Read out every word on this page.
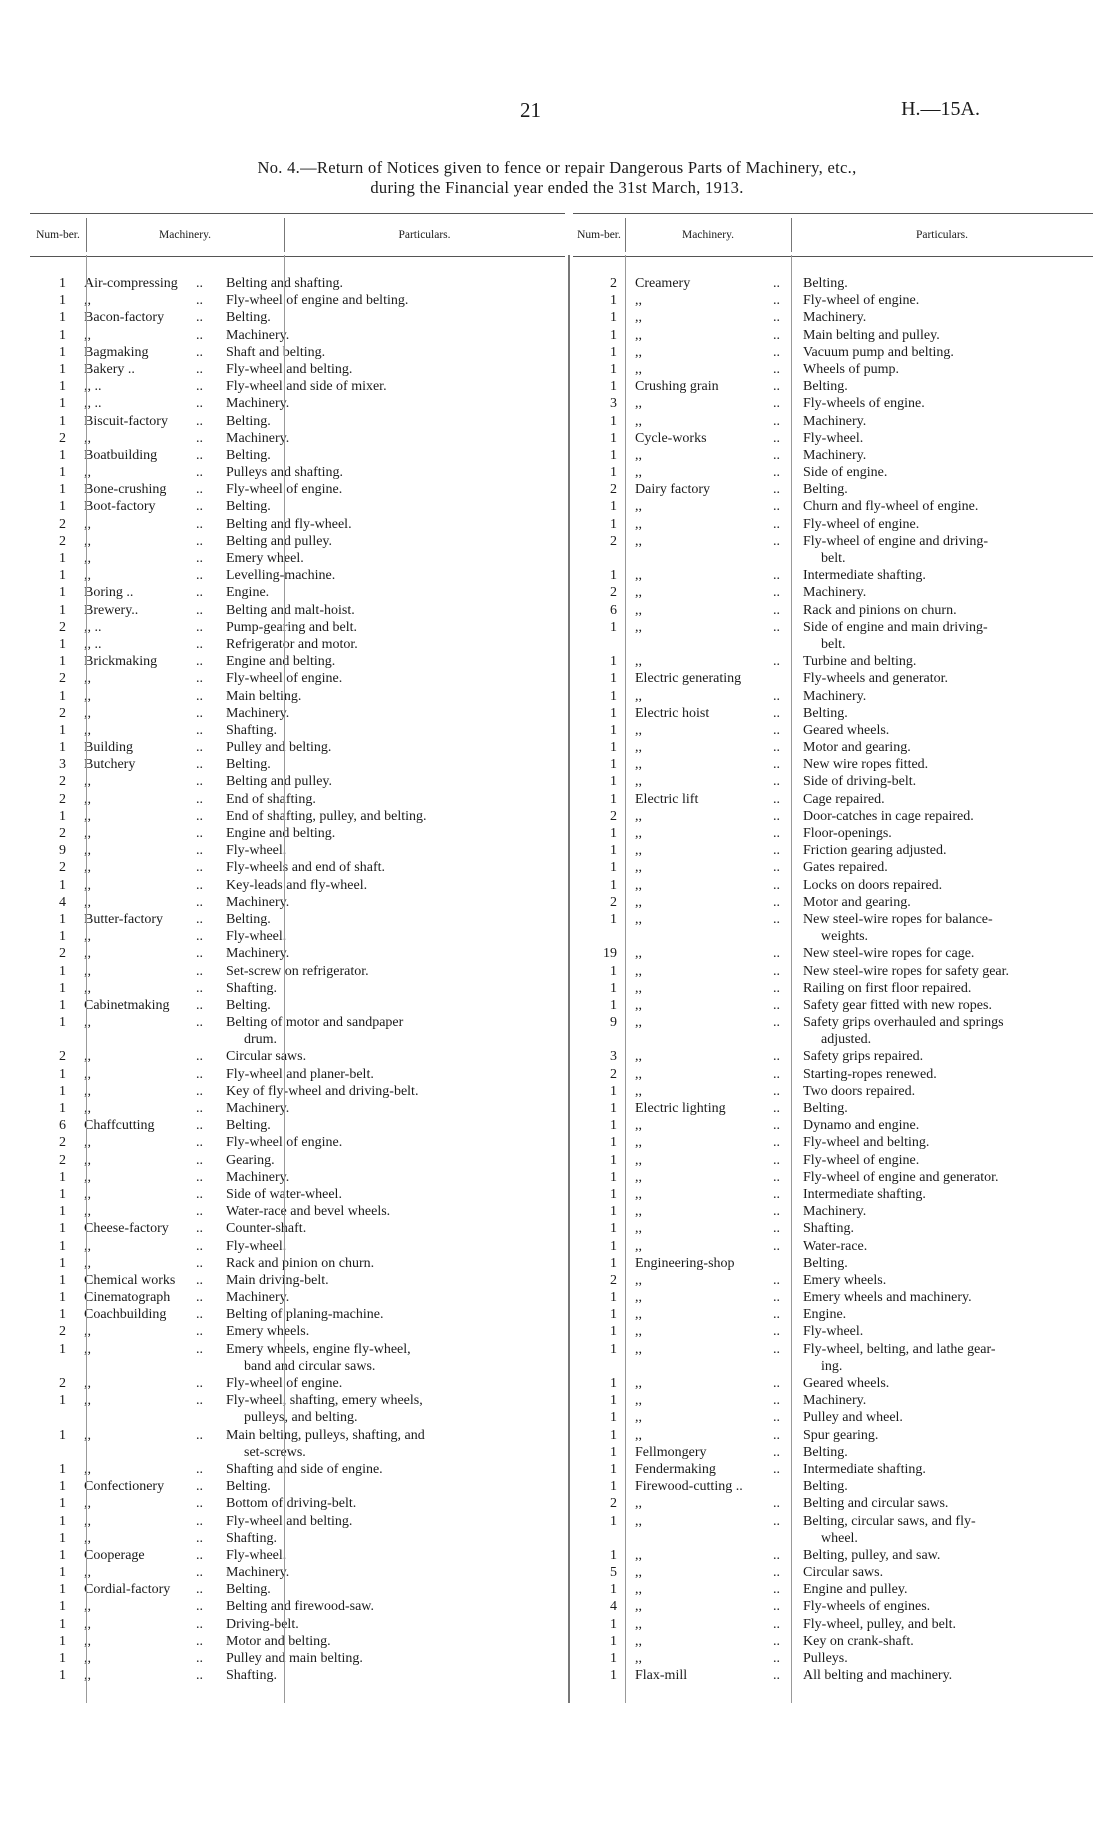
21	H.—15A.
No. 4.—Return of Notices given to fence or repair Dangerous Parts of Machinery, etc.,
during the Financial year ended the 31st March, 1913.
Num-ber.	Machinery.	Particulars.
1 Air-compressing .. Belting and shafting.
1 ,,	.. Fly-wheel of engine and belting.
1 Bacon-factory .. Belting.
1 ,,	.. Machinery.
1 Bagmaking	.. Shaft and belting.
1 Bakery ..	.. Fly-wheel and belting.
1 ,, ..	.. Fly-wheel and side of mixer.
1 ,, ..	.. Machinery.
1 Biscuit-factory .. Belting.
2 ,,	.. Machinery.
1 Boatbuilding	.. Belting.
1 ,,	.. Pulleys and shafting.
1 Bone-crushing .. Fly-wheel of engine.
1 Boot-factory	.. Belting.
2 ,,	.. Belting and fly-wheel.
2 ,,	.. Belting and pulley.
1 ,,	.. Emery wheel.
1 ,,	.. Levelling-machine.
1 Boring ..	.. Engine.
1 Brewery..	.. Belting and malt-hoist.
2 ,, ..	.. Pump-gearing and belt.
1 ,, ..	.. Refrigerator and motor.
1 Brickmaking	.. Engine and belting.
2 ,,	.. Fly-wheel of engine.
1 ,,	.. Main belting.
2 ,,	.. Machinery.
1 ,,	.. Shafting.
1 Building	.. Pulley and belting.
3 Butchery	.. Belting.
2 ,,	.. Belting and pulley.
2 ,,	.. End of shafting.
1 ,,	.. End of shafting, pulley, and belting.
2 ,,	.. Engine and belting.
9 ,,	.. Fly-wheel.
2 ,,	.. Fly-wheels and end of shaft.
1 ,,	.. Key-leads and fly-wheel.
4 ,,	.. Machinery.
1 Butter-factory .. Belting.
1 ,,	.. Fly-wheel.
2 ,,	.. Machinery.
1 ,,	.. Set-screw on refrigerator.
1 ,,	.. Shafting.
1 Cabinetmaking .. Belting.
1 ,,	.. Belting of motor and sandpaper
drum.
2 ,,	.. Circular saws.
1 ,,	.. Fly-wheel and planer-belt.
1 ,,	.. Key of fly-wheel and driving-belt.
1 ,,	.. Machinery.
6 Chaffcutting	.. Belting.
2 ,,	.. Fly-wheel of engine.
2 ,,	.. Gearing.
1 ,,	.. Machinery.
1 ,,	.. Side of water-wheel.
1 ,,	.. Water-race and bevel wheels.
1 Cheese-factory .. Counter-shaft.
1 ,,	.. Fly-wheel.
1 ,,	.. Rack and pinion on churn.
1 Chemical works .. Main driving-belt.
1 Cinematograph .. Machinery.
1 Coachbuilding .. Belting of planing-machine.
2 ,,	.. Emery wheels.
1 ,,	.. Emery wheels, engine fly-wheel,
band and circular saws.
2 ,,	.. Fly-wheel of engine.
1 ,,	.. Fly-wheel, shafting, emery wheels,
pulleys, and belting.
1 ,,	.. Main belting, pulleys, shafting, and
set-screws.
1 ,,	.. Shafting and side of engine.
1 Confectionery .. Belting.
1 ,,	.. Bottom of driving-belt.
1 ,,	.. Fly-wheel and belting.
1 ,,	.. Shafting.
1 Cooperage	.. Fly-wheel.
1 ,,	.. Machinery.
1 Cordial-factory .. Belting.
1 ,,	.. Belting and firewood-saw.
1 ,,	.. Driving-belt.
1 ,,	.. Motor and belting.
1 ,,	.. Pulley and main belting.
1 ,,	.. Shafting.
Num-ber.	Machinery.	Particulars.
2 Creamery	.. Belting.
1 ,,	.. Fly-wheel of engine.
1 ,,	.. Machinery.
1 ,,	.. Main belting and pulley.
1 ,,	.. Vacuum pump and belting.
1 ,,	.. Wheels of pump.
1 Crushing grain	.. Belting.
3 ,,	.. Fly-wheels of engine.
1 ,,	.. Machinery.
1 Cycle-works	.. Fly-wheel.
1 ,,	.. Machinery.
1 ,,	.. Side of engine.
2 Dairy factory	.. Belting.
1 ,,	.. Churn and fly-wheel of engine.
1 ,,	.. Fly-wheel of engine.
2 ,,	.. Fly-wheel of engine and driving-
belt.
1 ,,	.. Intermediate shafting.
2 ,,	.. Machinery.
6 ,,	.. Rack and pinions on churn.
1 ,,	.. Side of engine and main driving-
belt.
1 ,,	.. Turbine and belting.
1 Electric generating	Fly-wheels and generator.
1 ,,	.. Machinery.
1 Electric hoist	.. Belting.
1 ,,	.. Geared wheels.
1 ,,	.. Motor and gearing.
1 ,,	.. New wire ropes fitted.
1 ,,	.. Side of driving-belt.
1 Electric lift	.. Cage repaired.
2 ,,	.. Door-catches in cage repaired.
1 ,,	.. Floor-openings.
1 ,,	.. Friction gearing adjusted.
1 ,,	.. Gates repaired.
1 ,,	.. Locks on doors repaired.
2 ,,	.. Motor and gearing.
1 ,,	.. New steel-wire ropes for balance-
weights.
19 ,,	.. New steel-wire ropes for cage.
1 ,,	.. New steel-wire ropes for safety gear.
1 ,,	.. Railing on first floor repaired.
1 ,,	.. Safety gear fitted with new ropes.
9 ,,	.. Safety grips overhauled and springs
adjusted.
3 ,,	.. Safety grips repaired.
2 ,,	.. Starting-ropes renewed.
1 ,,	.. Two doors repaired.
1 Electric lighting	.. Belting.
1 ,,	.. Dynamo and engine.
1 ,,	.. Fly-wheel and belting.
1 ,,	.. Fly-wheel of engine.
1 ,,	.. Fly-wheel of engine and generator.
1 ,,	.. Intermediate shafting.
1 ,,	.. Machinery.
1 ,,	.. Shafting.
1 ,,	.. Water-race.
1 Engineering-shop	Belting.
2 ,,	.. Emery wheels.
1 ,,	.. Emery wheels and machinery.
1 ,,	.. Engine.
1 ,,	.. Fly-wheel.
1 ,,	.. Fly-wheel, belting, and lathe gear-
ing.
1 ,,	.. Geared wheels.
1 ,,	.. Machinery.
1 ,,	.. Pulley and wheel.
1 ,,	.. Spur gearing.
1 Fellmongery	.. Belting.
1 Fendermaking	.. Intermediate shafting.
1 Firewood-cutting ..	Belting.
2 ,,	.. Belting and circular saws.
1 ,,	.. Belting, circular saws, and fly-
wheel.
1 ,,	.. Belting, pulley, and saw.
5 ,,	.. Circular saws.
1 ,,	.. Engine and pulley.
4 ,,	.. Fly-wheels of engines.
1 ,,	.. Fly-wheel, pulley, and belt.
1 ,,	.. Key on crank-shaft.
1 ,,	.. Pulleys.
1 Flax-mill	.. All belting and machinery.
